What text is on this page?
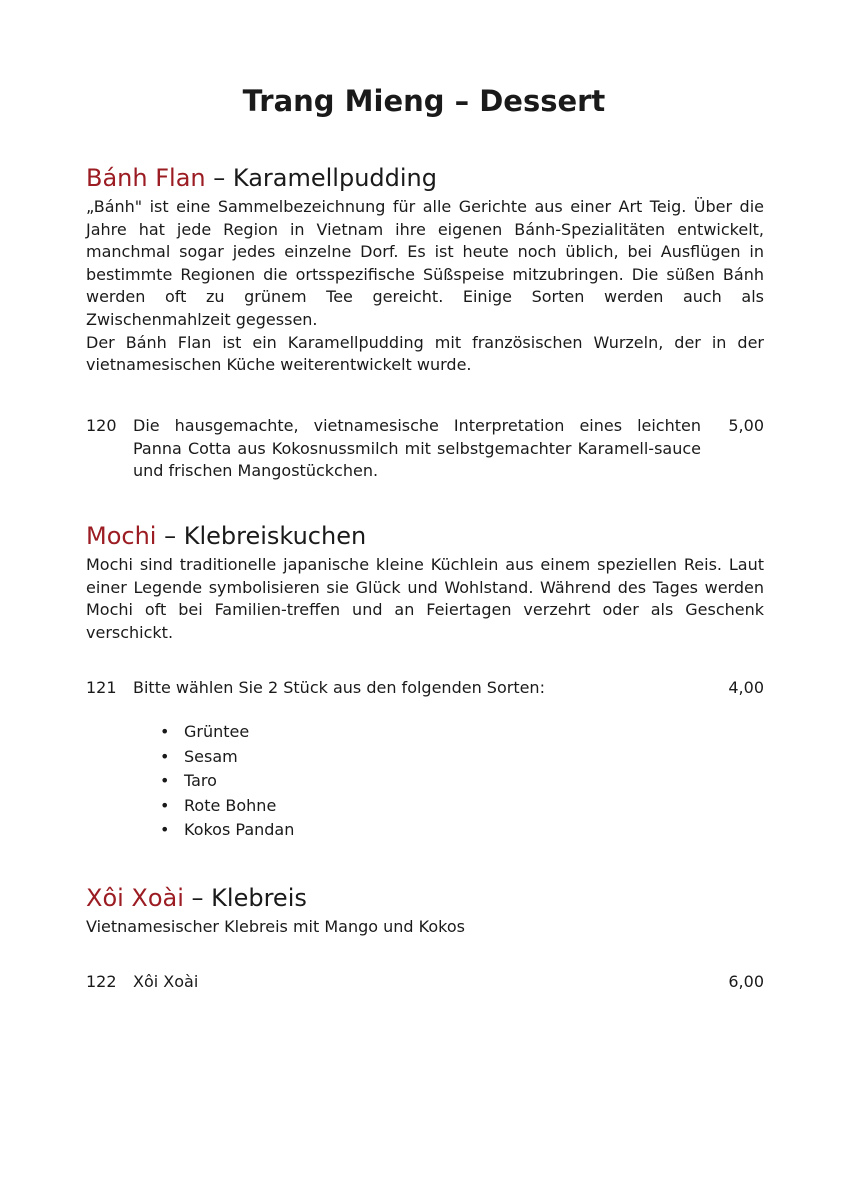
Trang Mieng – Dessert
Bánh Flan – Karamellpudding

„Bánh" ist eine Sammelbezeichnung für alle Gerichte aus einer Art Teig. Über die Jahre hat jede Region in Vietnam ihre eigenen Bánh-Spezialitäten entwickelt, manchmal sogar jedes einzelne Dorf. Es ist heute noch üblich, bei Ausflügen in bestimmte Regionen die ortsspezifische Süßspeise mitzubringen. Die süßen Bánh werden oft zu grünem Tee gereicht. Einige Sorten werden auch als Zwischenmahlzeit gegessen.

Der Bánh Flan ist ein Karamellpudding mit französischen Wurzeln, der in der vietnamesischen Küche weiterentwickelt wurde.

120 Die hausgemachte, vietnamesische Interpretation eines leichten Panna Cotta aus Kokosnussmilch mit selbstgemachter Karamell-sauce und frischen Mangostückchen.
5,00
Mochi – Klebreiskuchen

Mochi sind traditionelle japanische kleine Küchlein aus einem speziellen Reis. Laut einer Legende symbolisieren sie Glück und Wohlstand. Während des Tages werden Mochi oft bei Familien-treffen und an Feiertagen verzehrt oder als Geschenk verschickt.

121 Bitte wählen Sie 2 Stück aus den folgenden Sorten:	4,00
• Grüntee
• Sesam
• Taro
• Rote Bohne
• Kokos Pandan
Xôi Xoài – Klebreis

Vietnamesischer Klebreis mit Mango und Kokos

122 Xôi Xoài	6,00
